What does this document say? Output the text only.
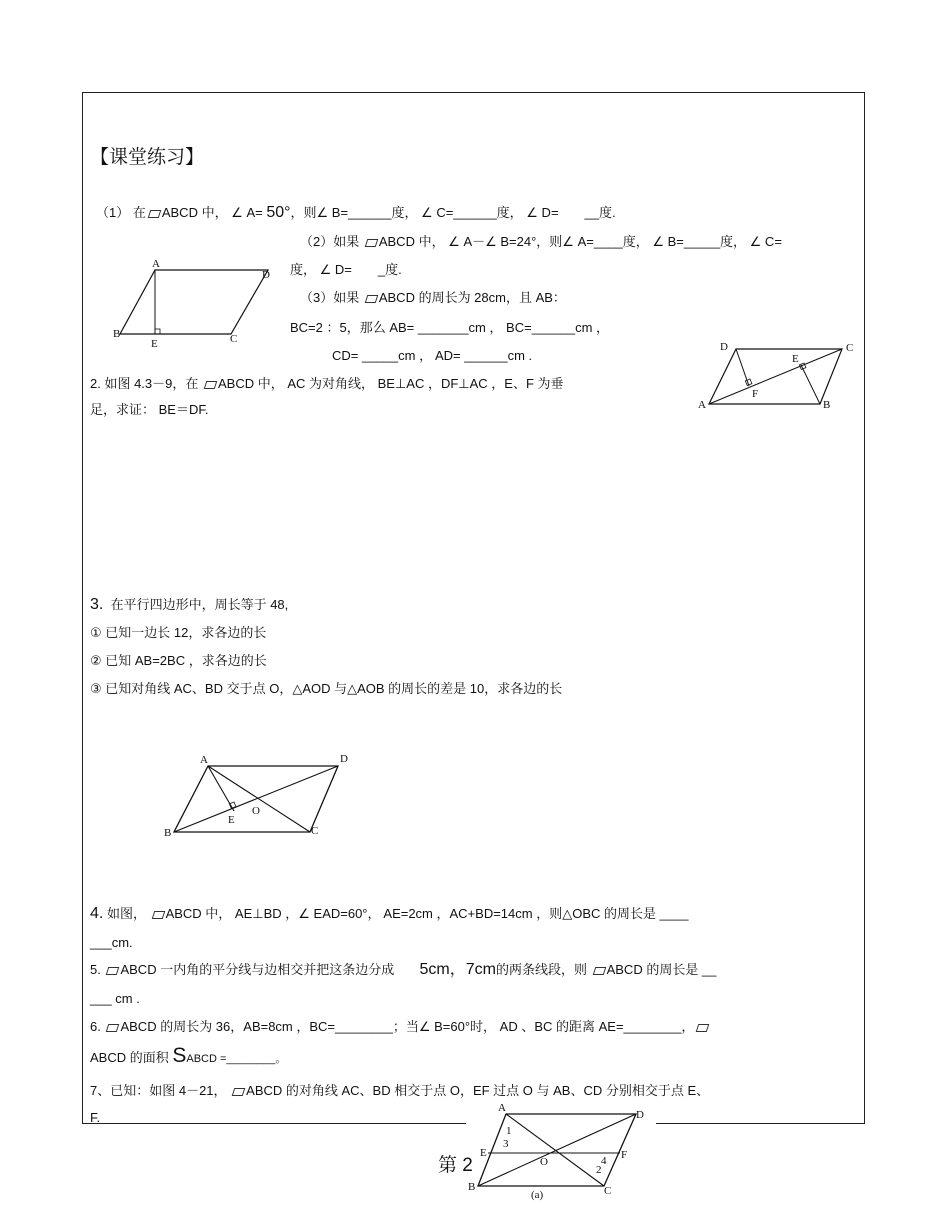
【课堂练习】
（1） 在 ABCD 中， ∠ A= 50°，则∠ B=______度， ∠ C=______度， ∠ D=　　__度.
（2）如果 ABCD 中， ∠ A－∠ B=24°，则∠ A=____度， ∠ B=_____度， ∠ C=
度， ∠ D=　　_度.
（3）如果 ABCD 的周长为 28cm，且 AB：
BC=2 ：5，那么 AB= _______cm ， BC=______cm ，
CD= _____cm ， AD= ______cm .
A
D
B
E	C
2. 如图 4.3－9，在 ABCD 中， AC 为对角线， BE⊥AC ，DF⊥AC ，E、F 为垂
足，求证： BE＝DF.
D	C
E
F
A	B
3. 在平行四边形中，周长等于 48,
① 已知一边长 12，求各边的长
② 已知 AB=2BC ，求各边的长
③ 已知对角线 AC、BD 交于点 O，△AOD 与△AOB 的周长的差是 10，求各边的长
A	D
E
O
B	C
4. 如图， ABCD 中， AE⊥BD ，∠ EAD=60°， AE=2cm ，AC+BD=14cm ，则△OBC 的周长是 ____
___cm.
5. ABCD 一内角的平分线与边相交并把这条边分成 5cm，7cm的两条线段，则 ABCD 的周长是 __
___ cm .
6. ABCD 的周长为 36，AB=8cm ，BC=________；当∠ B=60°时， AD 、BC 的距离 AE=________，
ABCD 的面积 SABCD =________。
7、已知：如图 4－21， ABCD 的对角线 AC、BD 相交于点 O，EF 过点 O 与 AB、CD 分别相交于点 E、
F.
A
D
E	F
O
B	C
1
2
3
4
(a)
第 2
